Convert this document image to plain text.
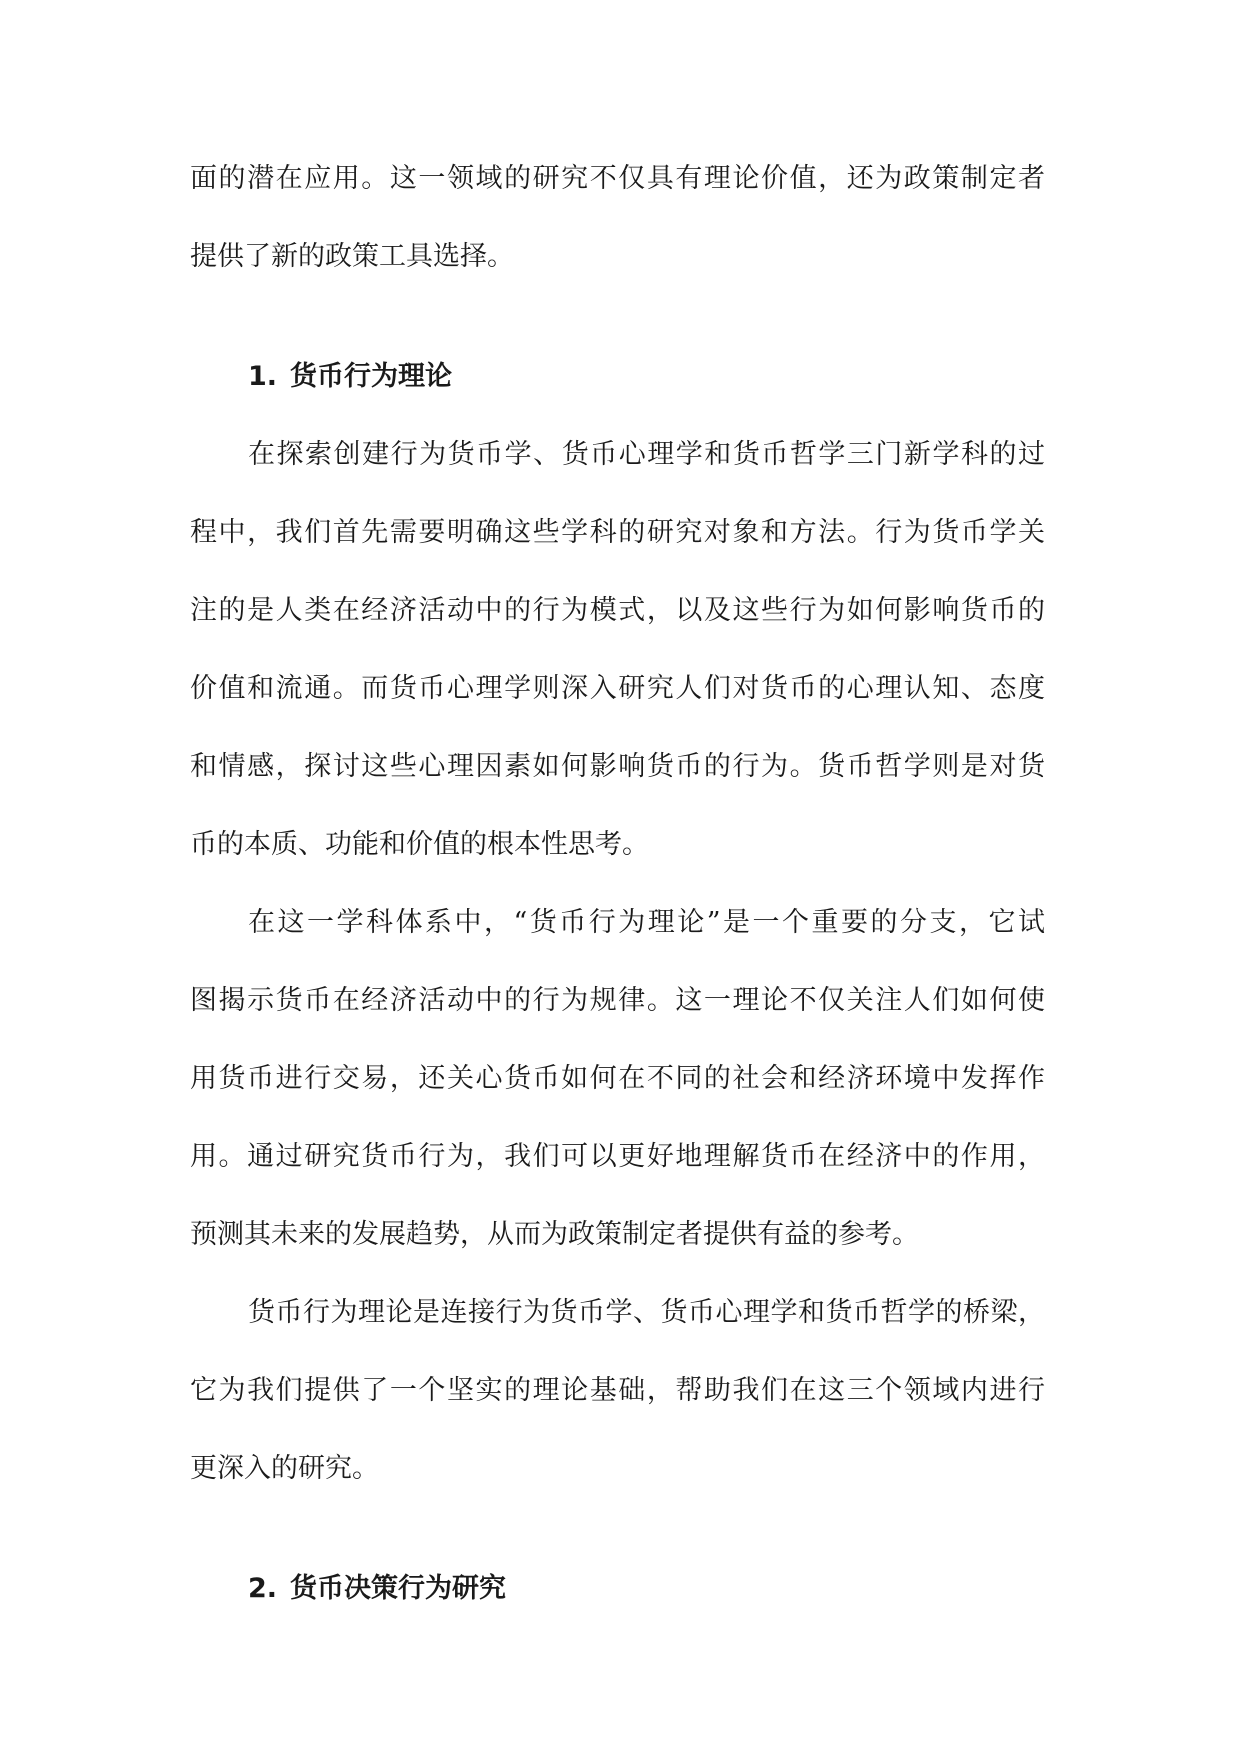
面的潜在应用。这一领域的研究不仅具有理论价值，还为政策制定者
提供了新的政策工具选择。
1. 货币行为理论
在探索创建行为货币学、货币心理学和货币哲学三门新学科的过
程中，我们首先需要明确这些学科的研究对象和方法。行为货币学关
注的是人类在经济活动中的行为模式，以及这些行为如何影响货币的
价值和流通。而货币心理学则深入研究人们对货币的心理认知、态度
和情感，探讨这些心理因素如何影响货币的行为。货币哲学则是对货
币的本质、功能和价值的根本性思考。
在这一学科体系中，“货币行为理论”是一个重要的分支，它试
图揭示货币在经济活动中的行为规律。这一理论不仅关注人们如何使
用货币进行交易，还关心货币如何在不同的社会和经济环境中发挥作
用。通过研究货币行为，我们可以更好地理解货币在经济中的作用，
预测其未来的发展趋势，从而为政策制定者提供有益的参考。
货币行为理论是连接行为货币学、货币心理学和货币哲学的桥梁，
它为我们提供了一个坚实的理论基础，帮助我们在这三个领域内进行
更深入的研究。
2. 货币决策行为研究
